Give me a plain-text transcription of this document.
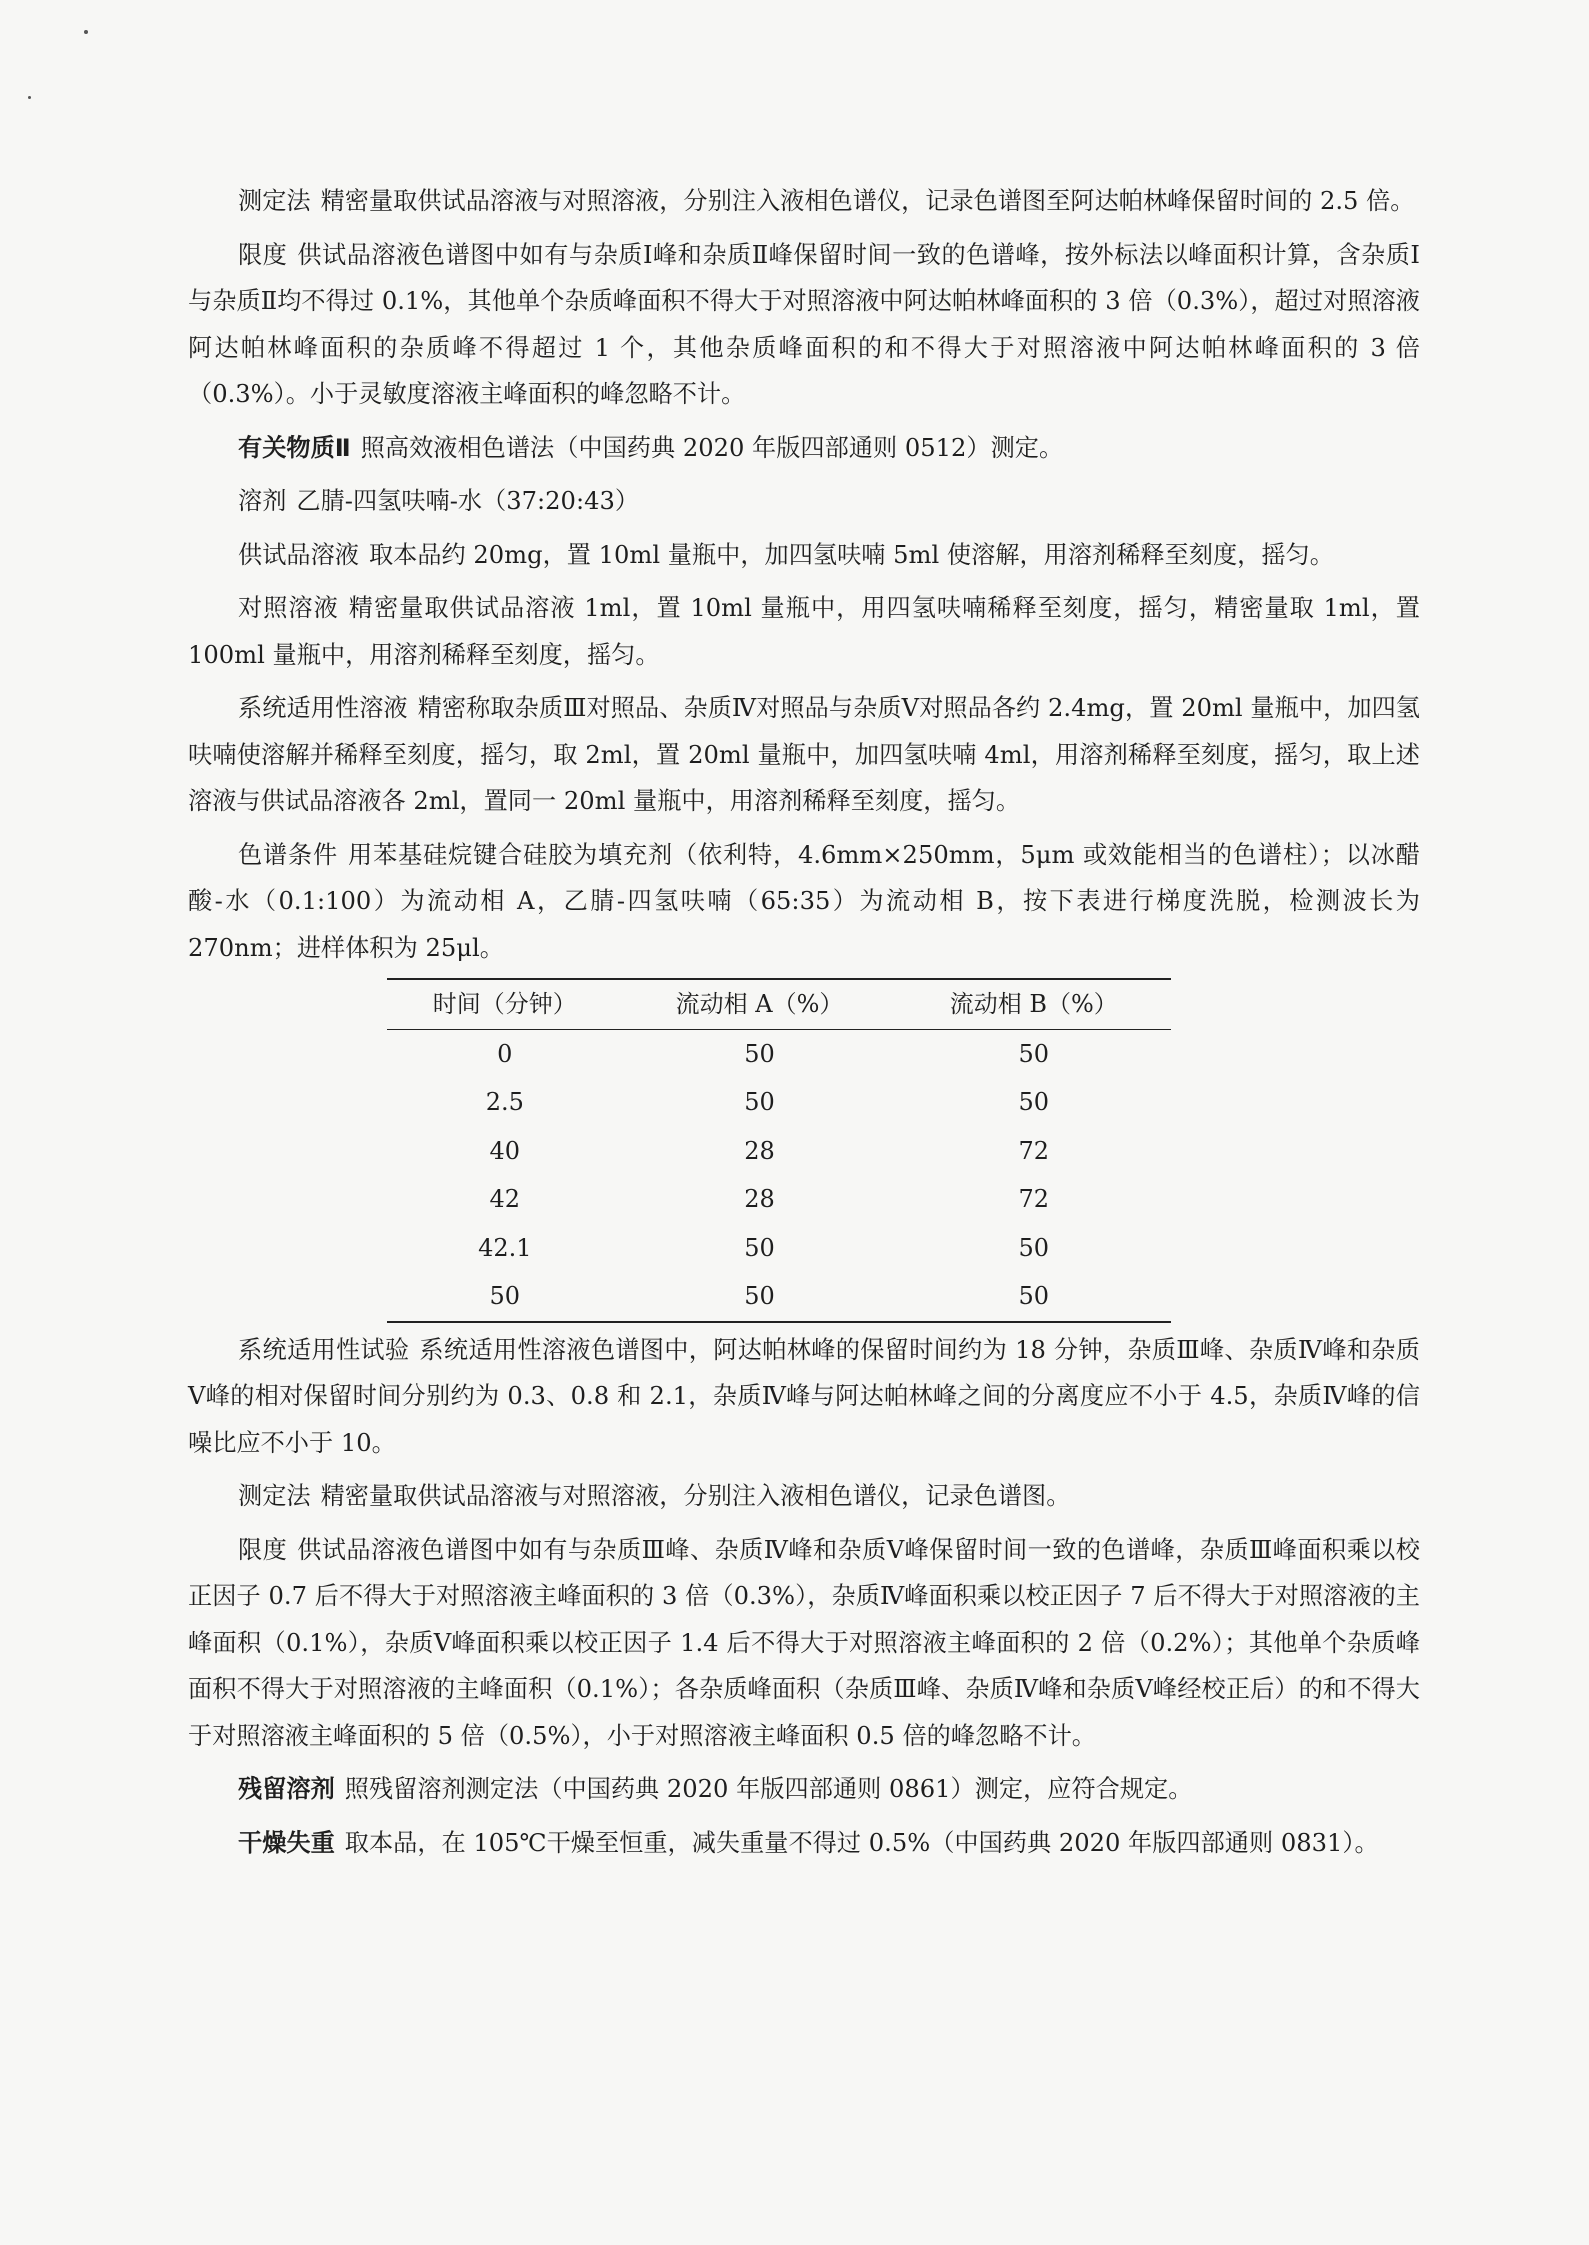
测定法 精密量取供试品溶液与对照溶液，分别注入液相色谱仪，记录色谱图至阿达帕林峰保留时间的 2.5 倍。

限度 供试品溶液色谱图中如有与杂质Ⅰ峰和杂质Ⅱ峰保留时间一致的色谱峰，按外标法以峰面积计算，含杂质Ⅰ与杂质Ⅱ均不得过 0.1%，其他单个杂质峰面积不得大于对照溶液中阿达帕林峰面积的 3 倍（0.3%），超过对照溶液阿达帕林峰面积的杂质峰不得超过 1 个，其他杂质峰面积的和不得大于对照溶液中阿达帕林峰面积的 3 倍（0.3%）。小于灵敏度溶液主峰面积的峰忽略不计。

有关物质Ⅱ 照高效液相色谱法（中国药典 2020 年版四部通则 0512）测定。

溶剂 乙腈-四氢呋喃-水（37:20:43）

供试品溶液 取本品约 20mg，置 10ml 量瓶中，加四氢呋喃 5ml 使溶解，用溶剂稀释至刻度，摇匀。

对照溶液 精密量取供试品溶液 1ml，置 10ml 量瓶中，用四氢呋喃稀释至刻度，摇匀，精密量取 1ml，置 100ml 量瓶中，用溶剂稀释至刻度，摇匀。

系统适用性溶液 精密称取杂质Ⅲ对照品、杂质Ⅳ对照品与杂质Ⅴ对照品各约 2.4mg，置 20ml 量瓶中，加四氢呋喃使溶解并稀释至刻度，摇匀，取 2ml，置 20ml 量瓶中，加四氢呋喃 4ml，用溶剂稀释至刻度，摇匀，取上述溶液与供试品溶液各 2ml，置同一 20ml 量瓶中，用溶剂稀释至刻度，摇匀。

色谱条件 用苯基硅烷键合硅胶为填充剂（依利特，4.6mm×250mm，5μm 或效能相当的色谱柱）；以冰醋酸-水（0.1:100）为流动相 A，乙腈-四氢呋喃（65:35）为流动相 B，按下表进行梯度洗脱，检测波长为 270nm；进样体积为 25μl。

时间（分钟）	流动相 A（%）	流动相 B（%）
0	50	50
2.5	50	50
40	28	72
42	28	72
42.1	50	50
50	50	50

系统适用性试验 系统适用性溶液色谱图中，阿达帕林峰的保留时间约为 18 分钟，杂质Ⅲ峰、杂质Ⅳ峰和杂质Ⅴ峰的相对保留时间分别约为 0.3、0.8 和 2.1，杂质Ⅳ峰与阿达帕林峰之间的分离度应不小于 4.5，杂质Ⅳ峰的信噪比应不小于 10。

测定法 精密量取供试品溶液与对照溶液，分别注入液相色谱仪，记录色谱图。

限度 供试品溶液色谱图中如有与杂质Ⅲ峰、杂质Ⅳ峰和杂质Ⅴ峰保留时间一致的色谱峰，杂质Ⅲ峰面积乘以校正因子 0.7 后不得大于对照溶液主峰面积的 3 倍（0.3%），杂质Ⅳ峰面积乘以校正因子 7 后不得大于对照溶液的主峰面积（0.1%），杂质Ⅴ峰面积乘以校正因子 1.4 后不得大于对照溶液主峰面积的 2 倍（0.2%）；其他单个杂质峰面积不得大于对照溶液的主峰面积（0.1%）；各杂质峰面积（杂质Ⅲ峰、杂质Ⅳ峰和杂质Ⅴ峰经校正后）的和不得大于对照溶液主峰面积的 5 倍（0.5%），小于对照溶液主峰面积 0.5 倍的峰忽略不计。

残留溶剂 照残留溶剂测定法（中国药典 2020 年版四部通则 0861）测定，应符合规定。

干燥失重 取本品，在 105℃干燥至恒重，减失重量不得过 0.5%（中国药典 2020 年版四部通则 0831）。
